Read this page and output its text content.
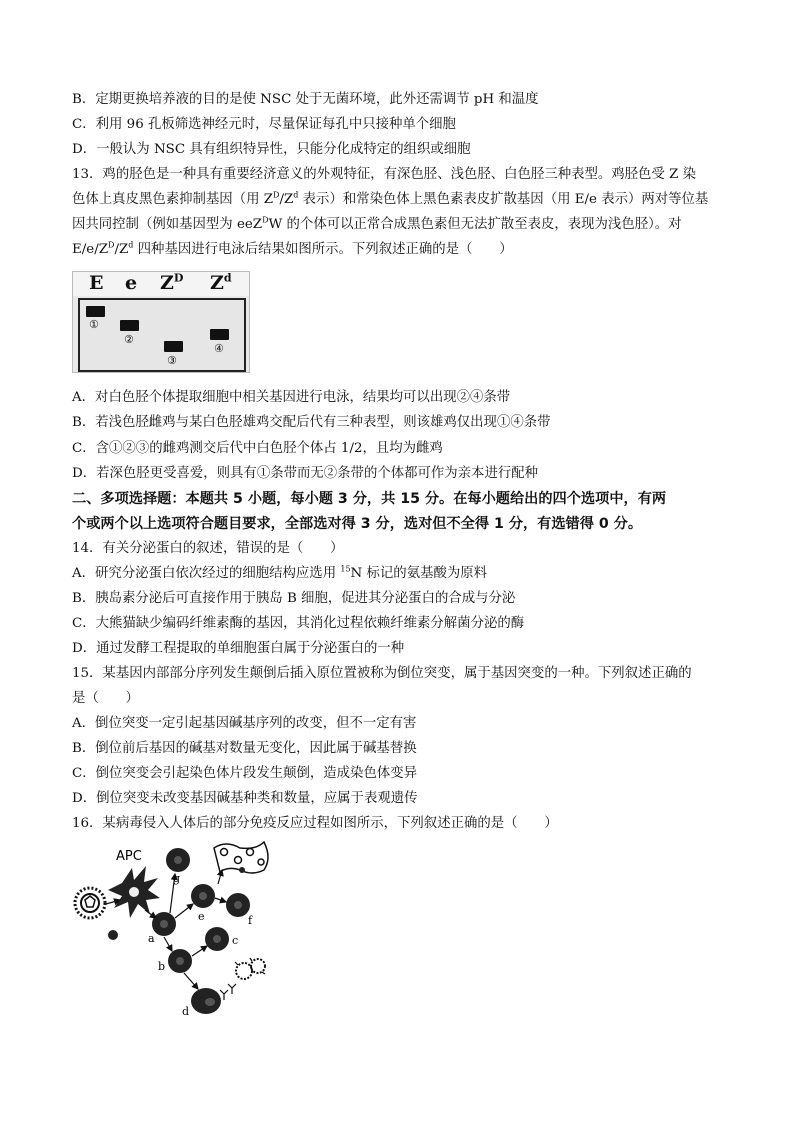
B．定期更换培养液的目的是使 NSC 处于无菌环境，此外还需调节 pH 和温度
C．利用 96 孔板筛选神经元时，尽量保证每孔中只接种单个细胞
D．一般认为 NSC 具有组织特异性，只能分化成特定的组织或细胞
13．鸡的胫色是一种具有重要经济意义的外观特征，有深色胫、浅色胫、白色胫三种表型。鸡胫色受 Z 染
色体上真皮黑色素抑制基因（用 $Z^D/Z^d$ 表示）和常染色体上黑色素表皮扩散基因（用 E/e 表示）两对等位基
因共同控制（例如基因型为 eeZ$^D$W 的个体可以正常合成黑色素但无法扩散至表皮，表现为浅色胫）。对
$E/e/Z^D/Z^d$ 四种基因进行电泳后结果如图所示。下列叙述正确的是（　　）
E e $Z^D$ $Z^d$
①
②
③
④
A．对白色胫个体提取细胞中相关基因进行电泳，结果均可以出现②④条带
B．若浅色胫雌鸡与某白色胫雄鸡交配后代有三种表型，则该雄鸡仅出现①④条带
C．含①②③的雌鸡测交后代中白色胫个体占 1/2，且均为雌鸡
D．若深色胫更受喜爱，则具有①条带而无②条带的个体都可作为亲本进行配种
二、多项选择题：本题共 5 小题，每小题 3 分，共 15 分。在每小题给出的四个选项中，有两
个或两个以上选项符合题目要求，全部选对得 3 分，选对但不全得 1 分，有选错得 0 分。
14．有关分泌蛋白的叙述，错误的是（　　）
A．研究分泌蛋白依次经过的细胞结构应选用 $^{15}$N 标记的氨基酸为原料
B．胰岛素分泌后可直接作用于胰岛 B 细胞，促进其分泌蛋白的合成与分泌
C．大熊猫缺少编码纤维素酶的基因，其消化过程依赖纤维素分解菌分泌的酶
D．通过发酵工程提取的单细胞蛋白属于分泌蛋白的一种
15．某基因内部部分序列发生颠倒后插入原位置被称为倒位突变，属于基因突变的一种。下列叙述正确的
是（　　）
A．倒位突变一定引起基因碱基序列的改变，但不一定有害
B．倒位前后基因的碱基对数量无变化，因此属于碱基替换
C．倒位突变会引起染色体片段发生颠倒，造成染色体变异
D．倒位突变未改变基因碱基种类和数量，应属于表观遗传
16．某病毒侵入人体后的部分免疫反应过程如图所示，下列叙述正确的是（　　）
APC
g
a
e	f
c
b
d
